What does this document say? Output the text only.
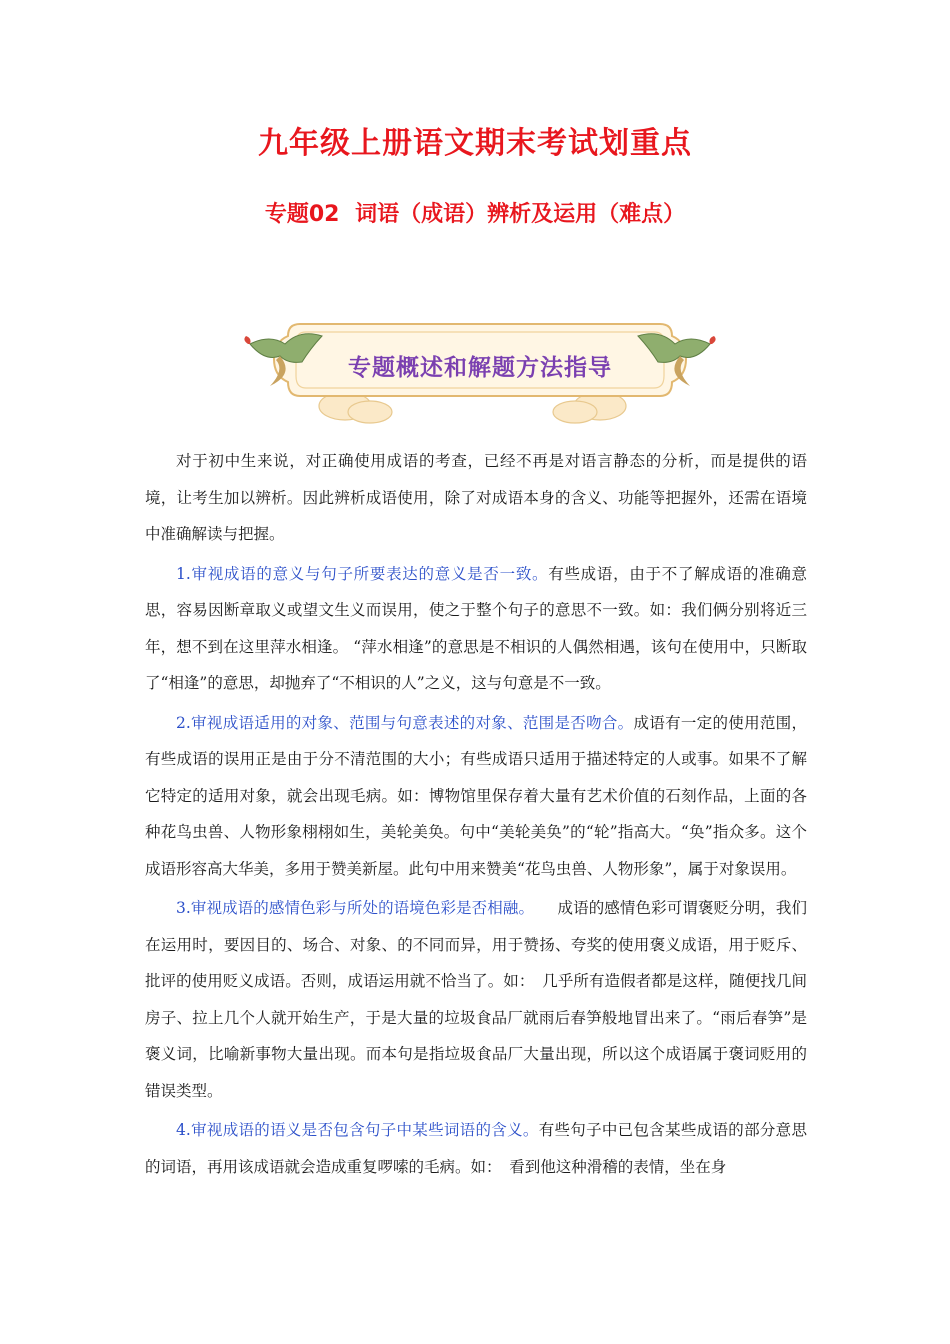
九年级上册语文期末考试划重点
专题02 词语（成语）辨析及运用（难点）
专题概述和解题方法指导

对于初中生来说，对正确使用成语的考查，已经不再是对语言静态的分析，而是提供的语境，让考生加以辨析。因此辨析成语使用，除了对成语本身的含义、功能等把握外，还需在语境中准确解读与把握。

1.审视成语的意义与句子所要表达的意义是否一致。有些成语，由于不了解成语的准确意思，容易因断章取义或望文生义而误用，使之于整个句子的意思不一致。如：我们俩分别将近三年，想不到在这里萍水相逢。 “萍水相逢”的意思是不相识的人偶然相遇，该句在使用中，只断取了“相逢”的意思，却抛弃了“不相识的人”之义，这与句意是不一致。

2.审视成语适用的对象、范围与句意表述的对象、范围是否吻合。成语有一定的使用范围，有些成语的误用正是由于分不清范围的大小；有些成语只适用于描述特定的人或事。如果不了解它特定的适用对象，就会出现毛病。如：博物馆里保存着大量有艺术价值的石刻作品，上面的各种花鸟虫兽、人物形象栩栩如生，美轮美奂。句中“美轮美奂”的“轮”指高大。“奂”指众多。这个成语形容高大华美，多用于赞美新屋。此句中用来赞美“花鸟虫兽、人物形象”，属于对象误用。

3.审视成语的感情色彩与所处的语境色彩是否相融。　　成语的感情色彩可谓褒贬分明，我们在运用时，要因目的、场合、对象、的不同而异，用于赞扬、夸奖的使用褒义成语，用于贬斥、批评的使用贬义成语。否则，成语运用就不恰当了。如：　几乎所有造假者都是这样，随便找几间房子、拉上几个人就开始生产，于是大量的垃圾食品厂就雨后春笋般地冒出来了。“雨后春笋”是褒义词，比喻新事物大量出现。而本句是指垃圾食品厂大量出现，所以这个成语属于褒词贬用的错误类型。

4.审视成语的语义是否包含句子中某些词语的含义。有些句子中已包含某些成语的部分意思的词语，再用该成语就会造成重复啰嗦的毛病。如：　看到他这种滑稽的表情，坐在身
